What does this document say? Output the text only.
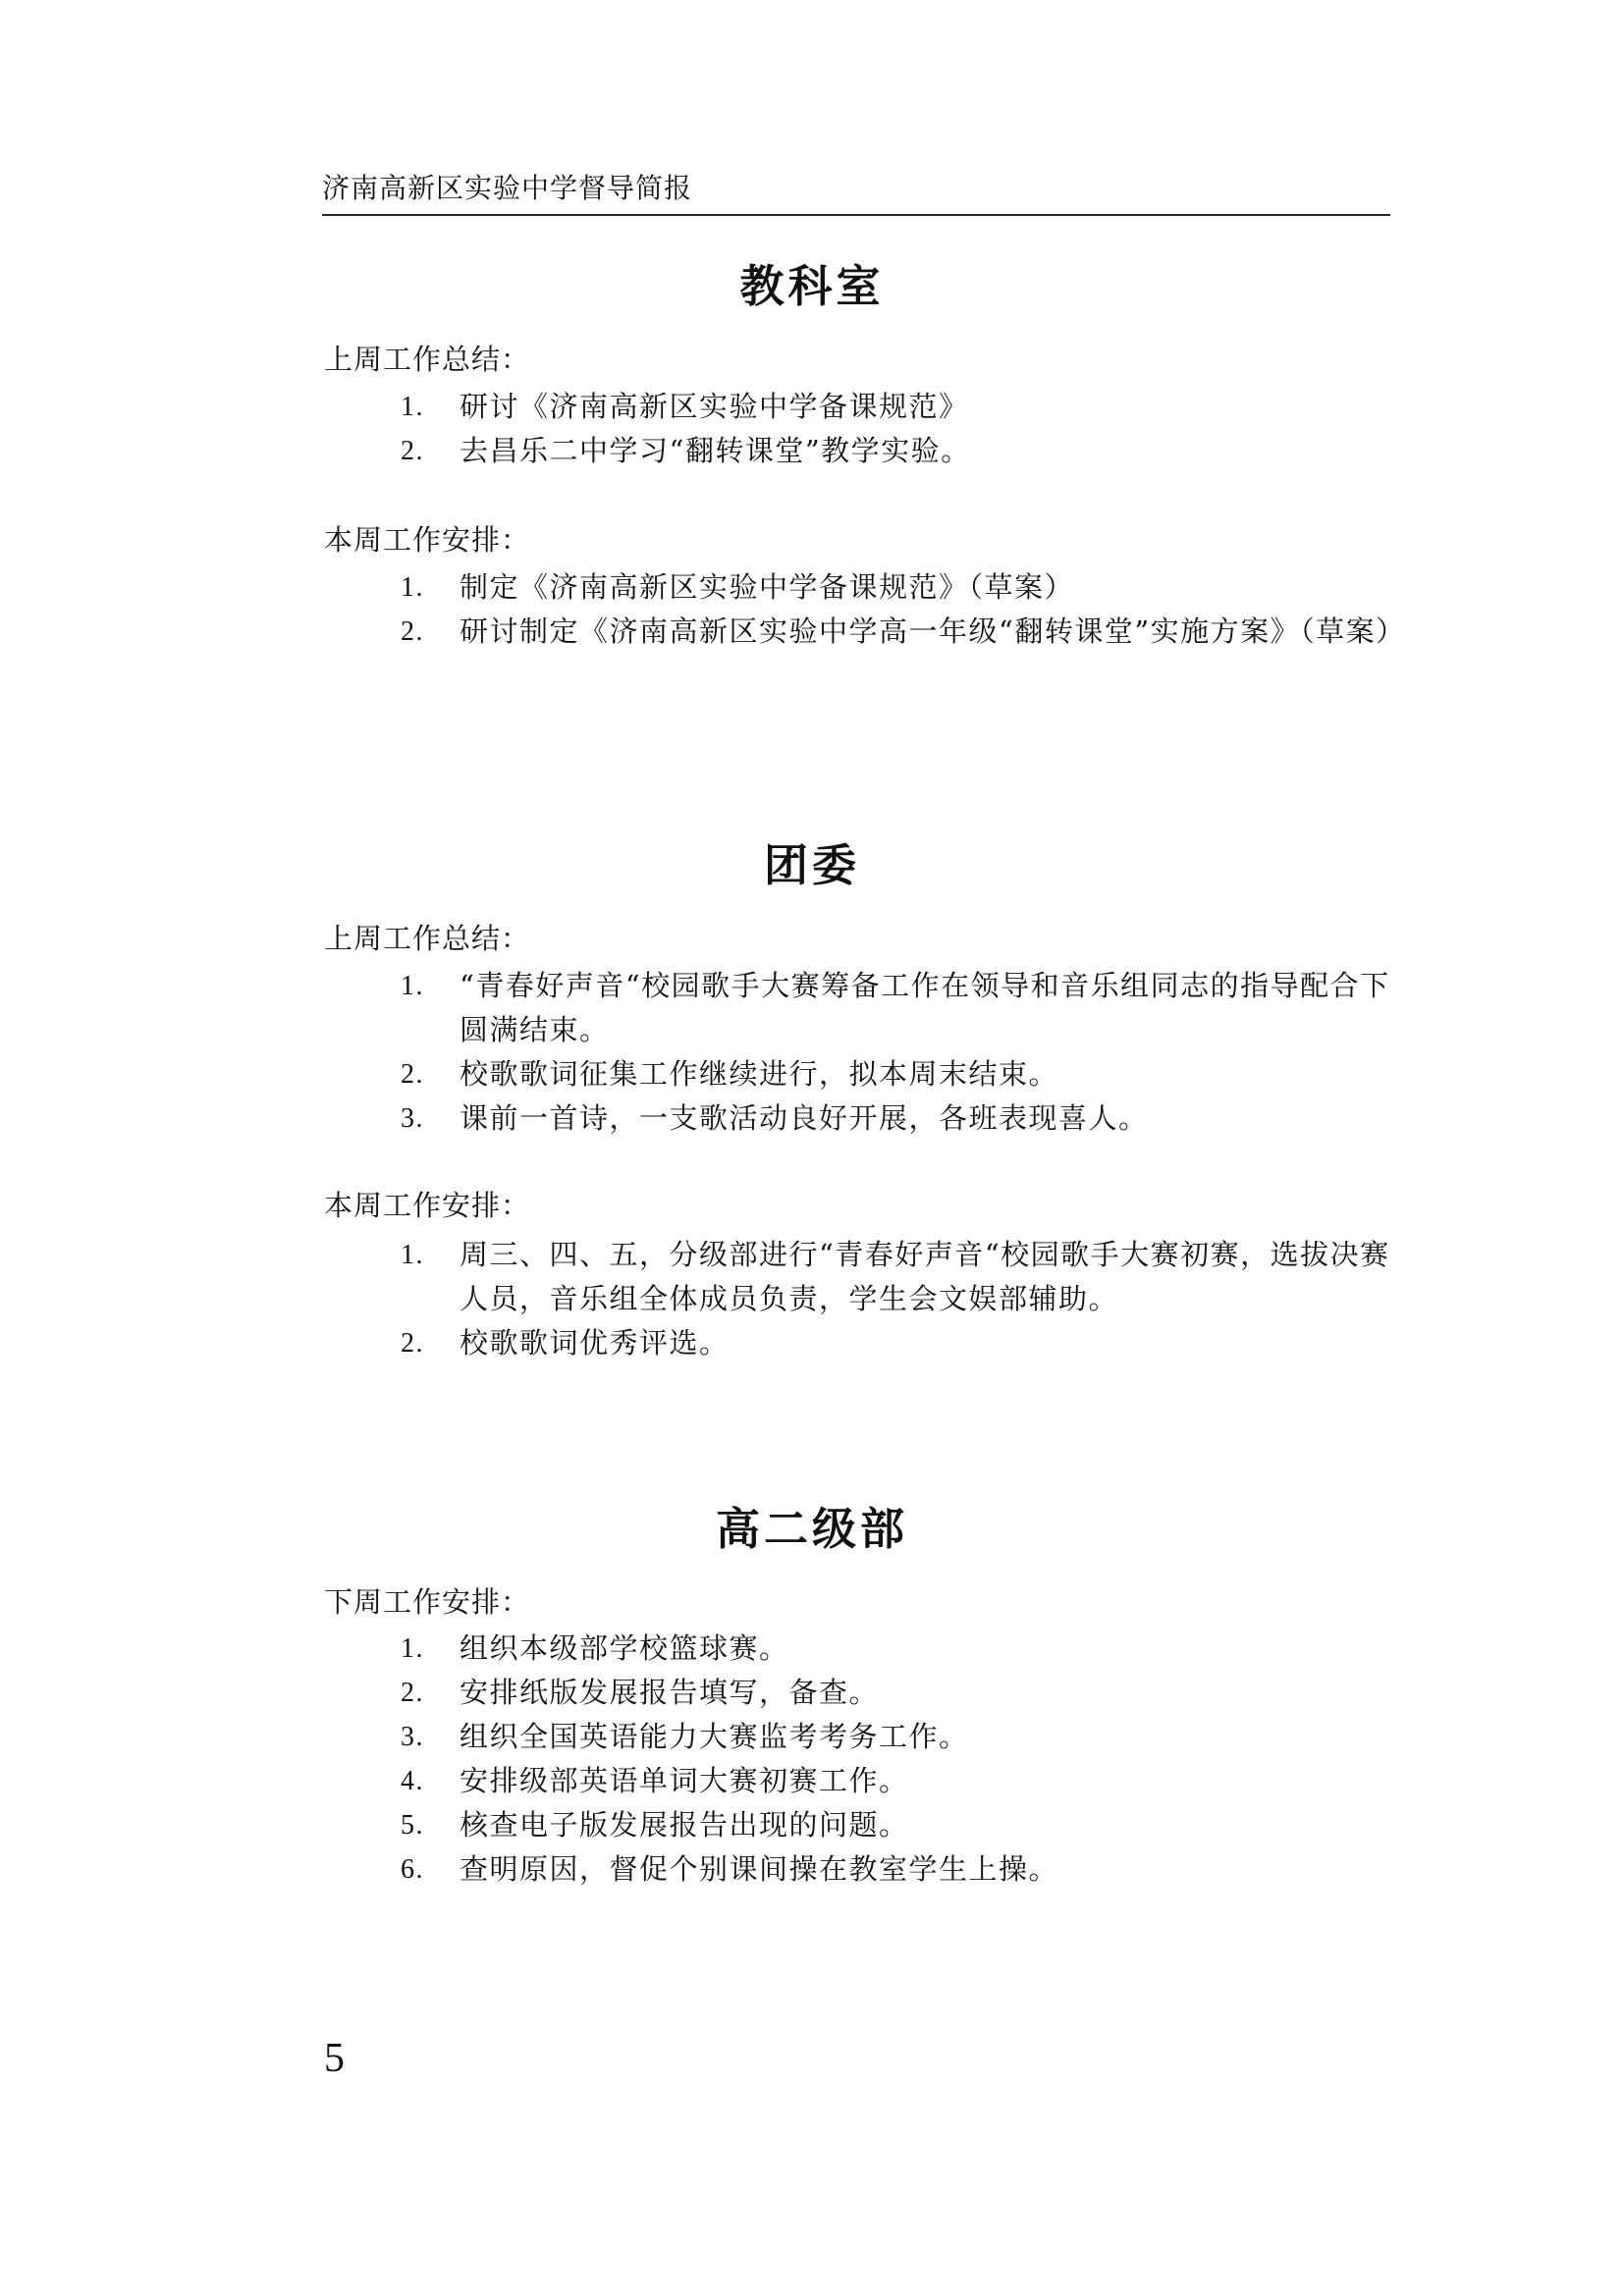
济南高新区实验中学督导简报
教科室
上周工作总结：
1. 研讨《济南高新区实验中学备课规范》
2. 去昌乐二中学习“翻转课堂”教学实验。
本周工作安排：
1. 制定《济南高新区实验中学备课规范》（草案）
2. 研讨制定《济南高新区实验中学高一年级“翻转课堂”实施方案》（草案）
团委
上周工作总结：
1. “青春好声音“校园歌手大赛筹备工作在领导和音乐组同志的指导配合下圆满结束。
2. 校歌歌词征集工作继续进行，拟本周末结束。
3. 课前一首诗，一支歌活动良好开展，各班表现喜人。
本周工作安排：
1. 周三、四、五，分级部进行“青春好声音“校园歌手大赛初赛，选拔决赛人员，音乐组全体成员负责，学生会文娱部辅助。
2. 校歌歌词优秀评选。
高二级部
下周工作安排：
1. 组织本级部学校篮球赛。
2. 安排纸版发展报告填写，备查。
3. 组织全国英语能力大赛监考考务工作。
4. 安排级部英语单词大赛初赛工作。
5. 核查电子版发展报告出现的问题。
6. 查明原因，督促个别课间操在教室学生上操。
5
